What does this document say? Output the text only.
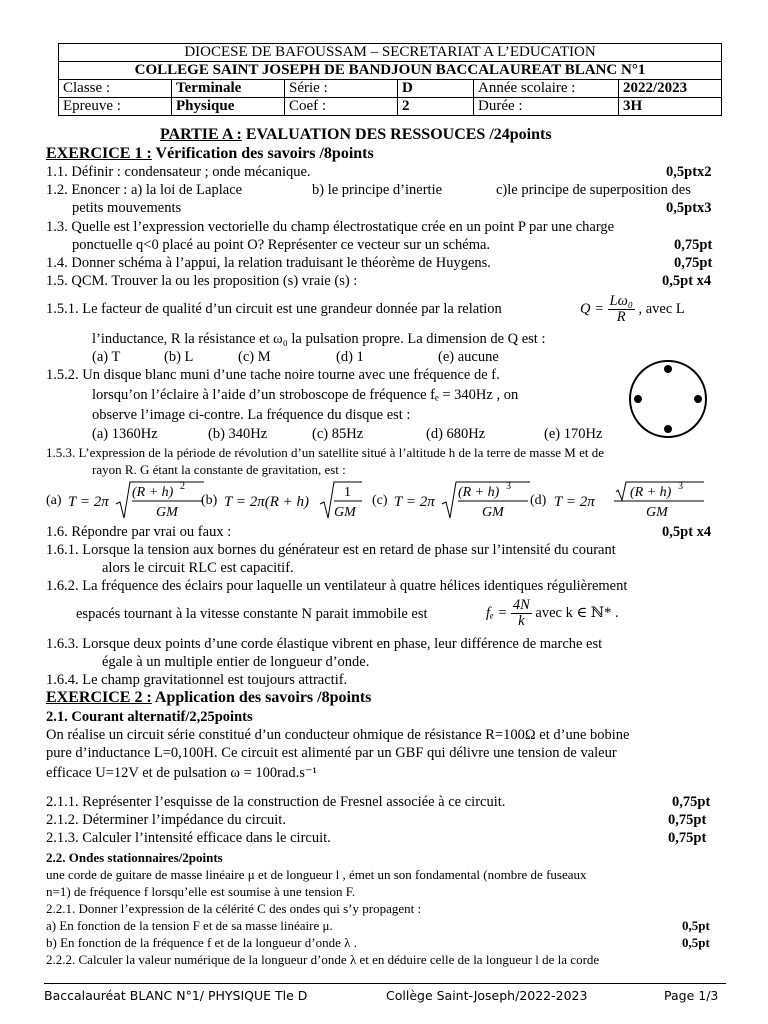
DIOCESE DE BAFOUSSAM – SECRETARIAT A L’EDUCATION					
COLLEGE SAINT JOSEPH DE BANDJOUN BACCALAUREAT BLANC N°1					
Classe :	Terminale	Série :	D	Année scolaire :	2022/2023
Epreuve :	Physique	Coef :	2	Durée :	3H
PARTIE A : EVALUATION DES RESSOUCES /24points
EXERCICE 1 : Vérification des savoirs /8points
1.1. Définir : condensateur ; onde mécanique.	0,5ptx2
1.2. Enoncer : a) la loi de Laplace	b) le principe d’inertie	c)le principe de superposition des
petits mouvements	0,5ptx3
1.3. Quelle est l’expression vectorielle du champ électrostatique crée en un point P par une charge
ponctuelle q<0 placé au point O? Représenter ce vecteur sur un schéma.	0,75pt
1.4. Donner schéma à l’appui, la relation traduisant le théorème de Huygens.	0,75pt
1.5. QCM. Trouver la ou les proposition (s) vraie (s) :	0,5pt x4
1.5.1. Le facteur de qualité d’un circuit est une grandeur donnée par la relation	$Q = \frac{\text{Lω₀}}{R}$ , avec L
l’inductance, R la résistance et ω₀ la pulsation propre. La dimension de Q est :
(a) T	(b) L	(c) M	(d) 1	(e) aucune
1.5.2. Un disque blanc muni d’une tache noire tourne avec une fréquence de f.
lorsqu’on l’éclaire à l’aide d’un stroboscope de fréquence fₑ = 340Hz , on
observe l’image ci-contre. La fréquence du disque est :
(a) 1360Hz	(b) 340Hz	(c) 85Hz	(d) 680Hz	(e) 170Hz
1.5.3. L’expression de la période de révolution d’un satellite situé à l’altitude h de la terre de masse M et de
rayon R. G étant la constante de gravitation, est :
(a) T = 2π
(R + h) 2
GM
(b) T = 2π(R + h)
1
GM
(c) T = 2π
(R + h) 3
GM
(d) T = 2π
(R + h) 3
GM
1.6. Répondre par vrai ou faux :	0,5pt x4
1.6.1. Lorsque la tension aux bornes du générateur est en retard de phase sur l’intensité du courant
alors le circuit RLC est capacitif.
1.6.2. La fréquence des éclairs pour laquelle un ventilateur à quatre hélices identiques régulièrement
espacés tournant à la vitesse constante N parait immobile est	$f_e = \frac{4N}{k}$ avec k ∈ ℕ* .
1.6.3. Lorsque deux points d’une corde élastique vibrent en phase, leur différence de marche est
égale à un multiple entier de longueur d’onde.
1.6.4. Le champ gravitationnel est toujours attractif.
EXERCICE 2 : Application des savoirs /8points
2.1. Courant alternatif/2,25points
On réalise un circuit série constitué d’un conducteur ohmique de résistance R=100Ω et d’une bobine
pure d’inductance L=0,100H. Ce circuit est alimenté par un GBF qui délivre une tension de valeur
efficace U=12V et de pulsation ω = 100rad.s⁻¹
2.1.1. Représenter l’esquisse de la construction de Fresnel associée à ce circuit.	0,75pt
2.1.2. Déterminer l’impédance du circuit.	0,75pt
2.1.3. Calculer l’intensité efficace dans le circuit.	0,75pt
2.2. Ondes stationnaires/2points
une corde de guitare de masse linéaire μ et de longueur l , émet un son fondamental (nombre de fuseaux
n=1) de fréquence f lorsqu’elle est soumise à une tension F.
2.2.1. Donner l’expression de la célérité C des ondes qui s’y propagent :
a) En fonction de la tension F et de sa masse linéaire μ.	0,5pt
b) En fonction de la fréquence f et de la longueur d’onde λ .	0,5pt
2.2.2. Calculer la valeur numérique de la longueur d’onde λ et en déduire celle de la longueur l de la corde
Baccalauréat BLANC N°1/ PHYSIQUE Tle D	Collège Saint-Joseph/2022-2023	Page 1/3
